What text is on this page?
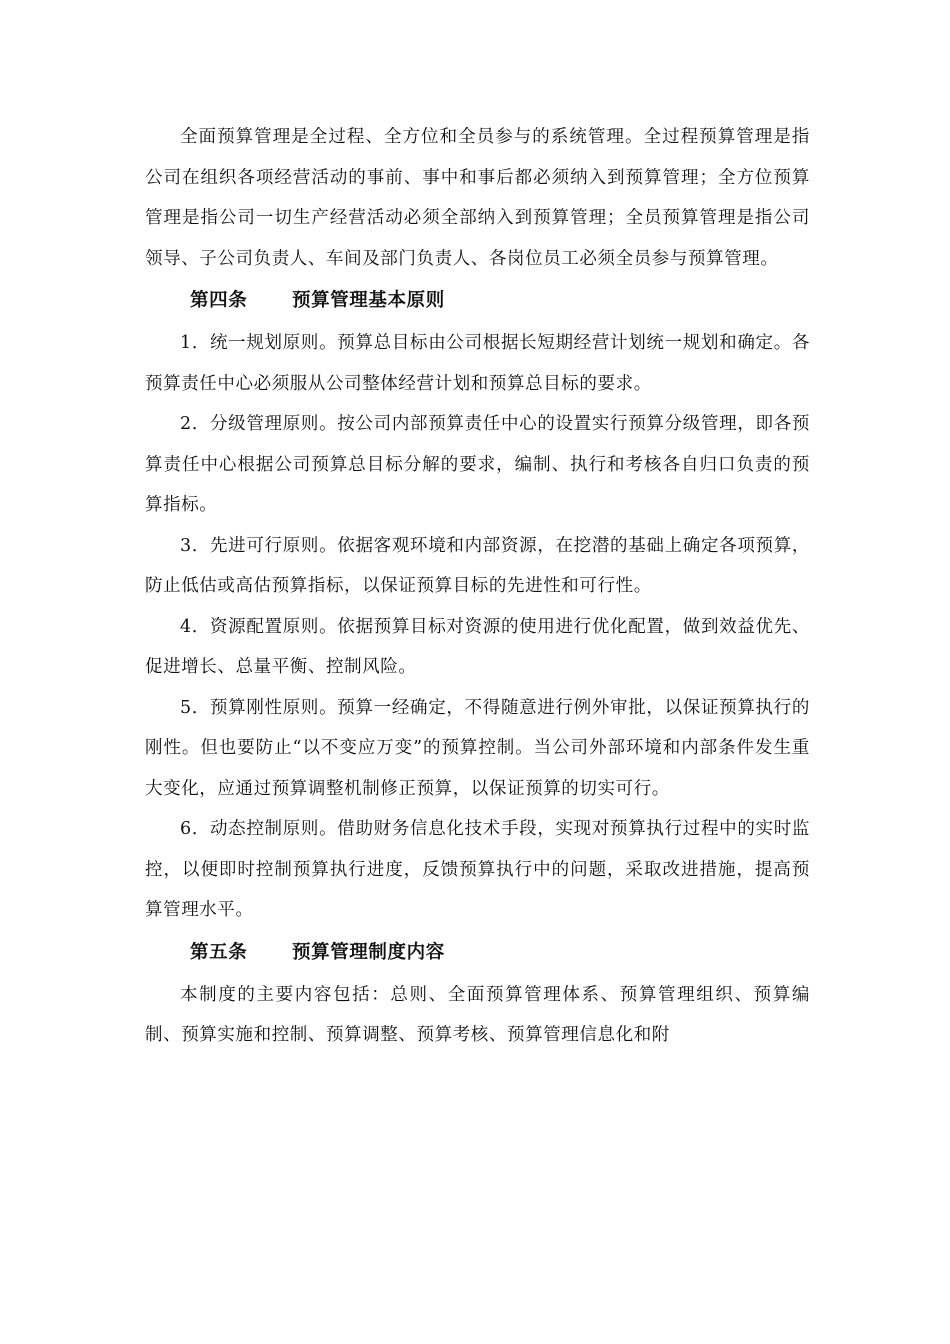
全面预算管理是全过程、全方位和全员参与的系统管理。全过程预算管理是指公司在组织各项经营活动的事前、事中和事后都必须纳入到预算管理；全方位预算管理是指公司一切生产经营活动必须全部纳入到预算管理；全员预算管理是指公司领导、子公司负责人、车间及部门负责人、各岗位员工必须全员参与预算管理。

第四条 预算管理基本原则

1．统一规划原则。预算总目标由公司根据长短期经营计划统一规划和确定。各预算责任中心必须服从公司整体经营计划和预算总目标的要求。

2．分级管理原则。按公司内部预算责任中心的设置实行预算分级管理，即各预算责任中心根据公司预算总目标分解的要求，编制、执行和考核各自归口负责的预算指标。

3．先进可行原则。依据客观环境和内部资源，在挖潜的基础上确定各项预算，防止低估或高估预算指标，以保证预算目标的先进性和可行性。

4．资源配置原则。依据预算目标对资源的使用进行优化配置，做到效益优先、促进增长、总量平衡、控制风险。

5．预算刚性原则。预算一经确定，不得随意进行例外审批，以保证预算执行的刚性。但也要防止“以不变应万变”的预算控制。当公司外部环境和内部条件发生重大变化，应通过预算调整机制修正预算，以保证预算的切实可行。

6．动态控制原则。借助财务信息化技术手段，实现对预算执行过程中的实时监控，以便即时控制预算执行进度，反馈预算执行中的问题，采取改进措施，提高预算管理水平。

第五条 预算管理制度内容

本制度的主要内容包括：总则、全面预算管理体系、预算管理组织、预算编制、预算实施和控制、预算调整、预算考核、预算管理信息化和附
